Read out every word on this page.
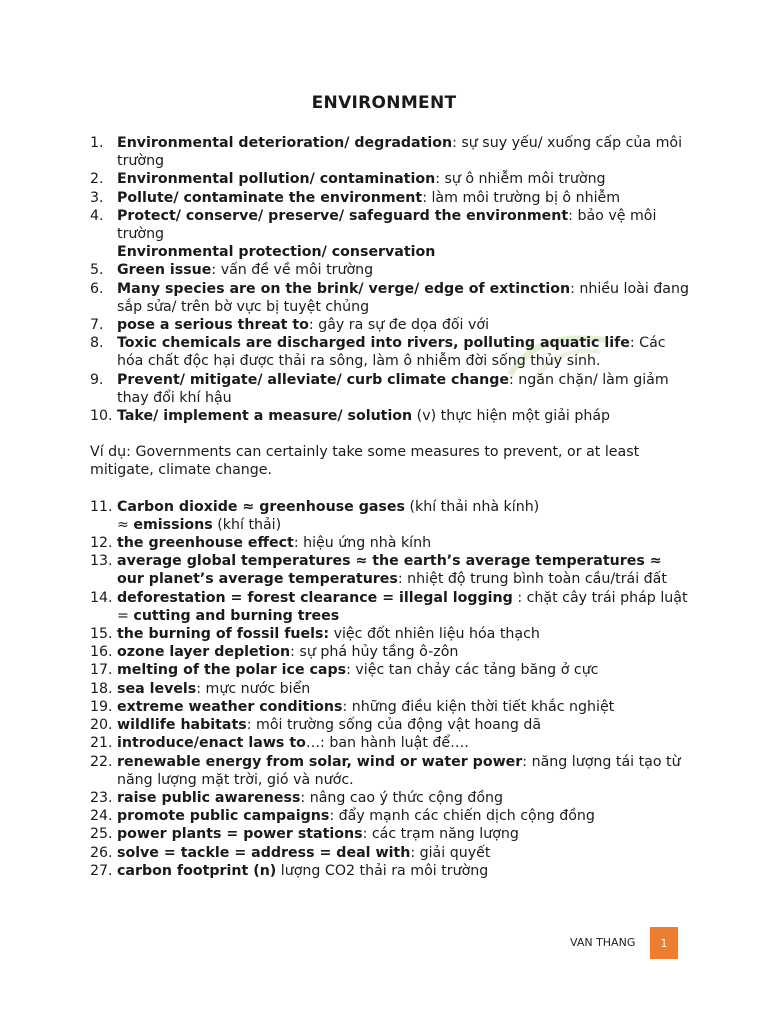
ENVIRONMENT
1. Environmental deterioration/ degradation: sự suy yếu/ xuống cấp của môi trường
2. Environmental pollution/ contamination: sự ô nhiễm môi trường
3. Pollute/ contaminate the environment: làm môi trường bị ô nhiễm
4. Protect/ conserve/ preserve/ safeguard the environment: bảo vệ môi trường
Environmental protection/ conservation
5. Green issue: vấn đề về môi trường
6. Many species are on the brink/ verge/ edge of extinction: nhiều loài đang sắp sửa/ trên bờ vực bị tuyệt chủng
7. pose a serious threat to: gây ra sự đe dọa đối với
8. Toxic chemicals are discharged into rivers, polluting aquatic life: Các hóa chất độc hại được thải ra sông, làm ô nhiễm đời sống thủy sinh.
9. Prevent/ mitigate/ alleviate/ curb climate change: ngăn chặn/ làm giảm thay đổi khí hậu
10. Take/ implement a measure/ solution (v) thực hiện một giải pháp
Ví dụ: Governments can certainly take some measures to prevent, or at least mitigate, climate change.
11. Carbon dioxide ≈ greenhouse gases (khí thải nhà kính)
≈ emissions (khí thải)
12. the greenhouse effect: hiệu ứng nhà kính
13. average global temperatures ≈ the earth’s average temperatures ≈ our planet’s average temperatures: nhiệt độ trung bình toàn cầu/trái đất
14. deforestation = forest clearance = illegal logging : chặt cây trái pháp luật = cutting and burning trees
15. the burning of fossil fuels: việc đốt nhiên liệu hóa thạch
16. ozone layer depletion: sự phá hủy tầng ô-zôn
17. melting of the polar ice caps: việc tan chảy các tảng băng ở cực
18. sea levels: mực nước biển
19. extreme weather conditions: những điều kiện thời tiết khắc nghiệt
20. wildlife habitats: môi trường sống của động vật hoang dã
21. introduce/enact laws to…: ban hành luật để….
22. renewable energy from solar, wind or water power: năng lượng tái tạo từ năng lượng mặt trời, gió và nước.
23. raise public awareness: nâng cao ý thức cộng đồng
24. promote public campaigns: đẩy mạnh các chiến dịch cộng đồng
25. power plants = power stations: các trạm năng lượng
26. solve = tackle = address = deal with: giải quyết
27. carbon footprint (n) lượng CO2 thải ra môi trường
VAN THANG	1
